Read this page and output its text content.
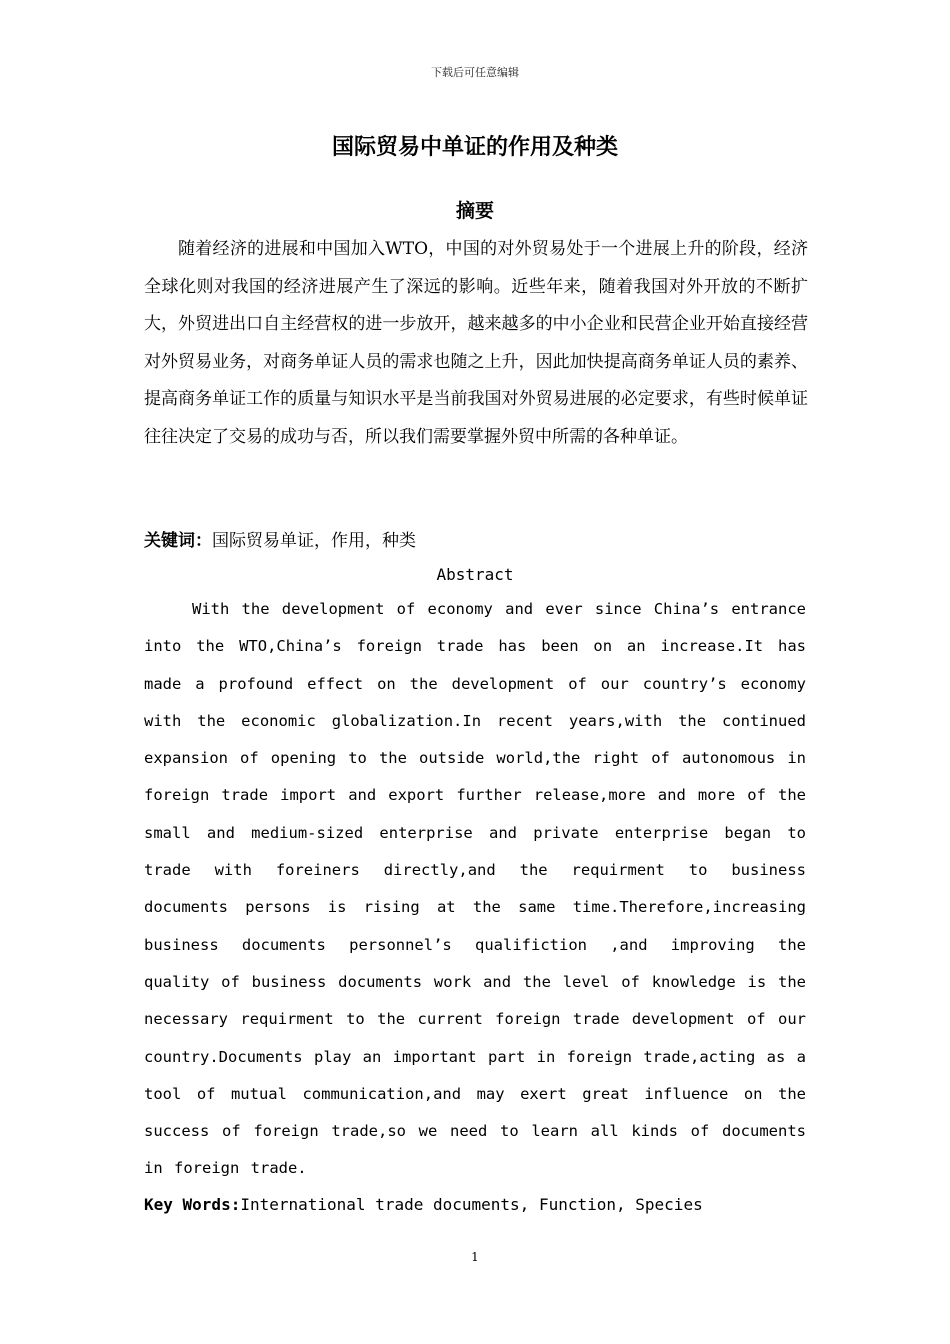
下载后可任意编辑
国际贸易中单证的作用及种类
摘要

随着经济的进展和中国加入WTO，中国的对外贸易处于一个进展上升的阶段，经济全球化则对我国的经济进展产生了深远的影响。近些年来，随着我国对外开放的不断扩大，外贸进出口自主经营权的进一步放开，越来越多的中小企业和民营企业开始直接经营对外贸易业务，对商务单证人员的需求也随之上升，因此加快提高商务单证人员的素养、提高商务单证工作的质量与知识水平是当前我国对外贸易进展的必定要求，有些时候单证往往决定了交易的成功与否，所以我们需要掌握外贸中所需的各种单证。

关键词：国际贸易单证，作用，种类
Abstract

With the development of economy and ever since China’s entrance into the WTO,China’s foreign trade has been on an increase.It has made a profound effect on the development of our country’s economy with the economic globalization.In recent years,with the continued expansion of opening to the outside world,the right of autonomous in foreign trade import and export further release,more and more of the small and medium-sized enterprise and private enterprise began to trade with foreiners directly,and the requirment to business documents persons is rising at the same time.Therefore,increasing business documents personnel’s qualifiction ,and improving the quality of business documents work and the level of knowledge is the necessary requirment to the current foreign trade development of our country.Documents play an important part in foreign trade,acting as a tool of mutual communication,and may exert great influence on the success of foreign trade,so we need to learn all kinds of documents in foreign trade.

Key Words:International trade documents, Function, Species
1
